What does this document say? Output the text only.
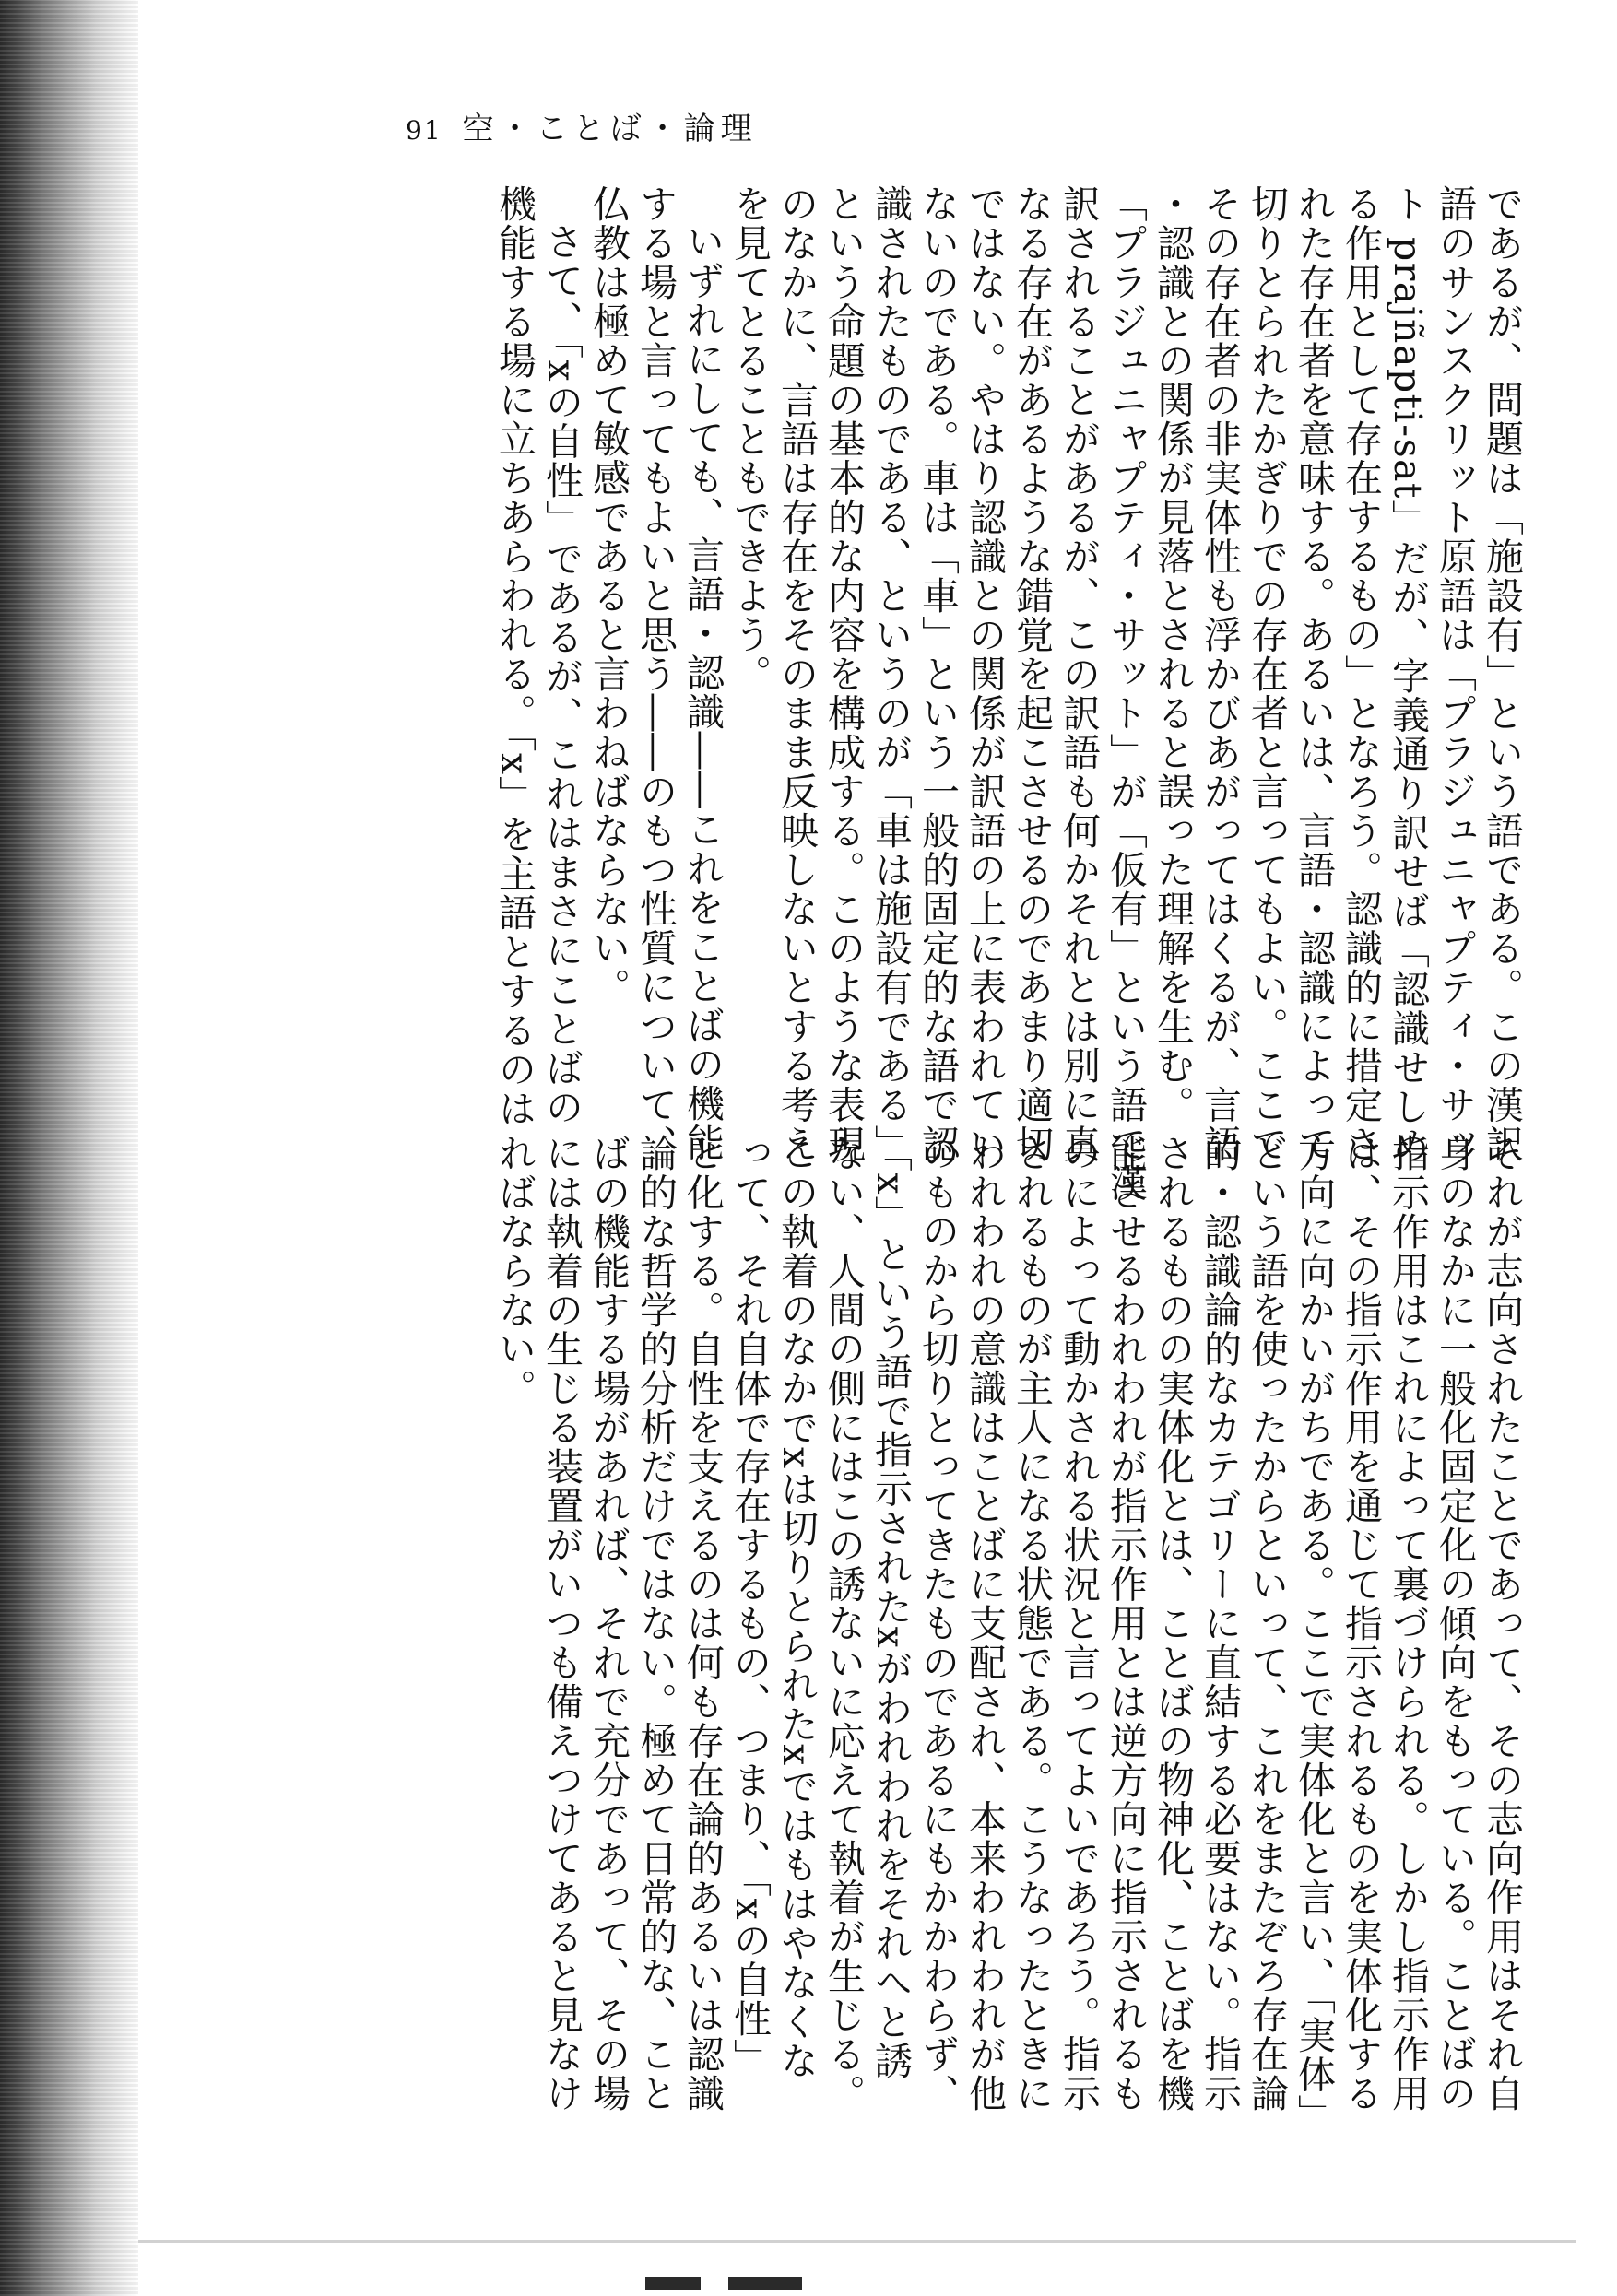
91 空・ことば・論理
であるが、問題は「施設有」という語である。この漢訳
語のサンスクリット原語は「プラジュニャプティ・サッ
ト prajñapti-sat」だが、字義通り訳せば「認識せしめ
る作用として存在するもの」となろう。認識的に措定さ
れた存在者を意味する。あるいは、言語・認識によって
切りとられたかぎりでの存在者と言ってもよい。ここで
その存在者の非実体性も浮かびあがってはくるが、言語
・認識との関係が見落とされると誤った理解を生む。
「プラジュニャプティ・サット」が「仮有」という語で漢
訳されることがあるが、この訳語も何かそれとは別に真
なる存在があるような錯覚を起こさせるのであまり適切
ではない。やはり認識との関係が訳語の上に表われてい
ないのである。車は「車」という一般的固定的な語で認
識されたものである、というのが「車は施設有である」
という命題の基本的な内容を構成する。このような表現
のなかに、言語は存在をそのまま反映しないとする考え
を見てとることもできよう。
いずれにしても、言語・認識――これをことばの機能
する場と言ってもよいと思う――のもつ性質について、
仏教は極めて敏感であると言わねばならない。
さて、「xの自性」であるが、これはまさにことばの
機能する場に立ちあらわれる。「x」を主語とするのは
それが志向されたことであって、その志向作用はそれ自
身のなかに一般化固定化の傾向をもっている。ことばの
指示作用はこれによって裏づけられる。しかし指示作用
は、その指示作用を通じて指示されるものを実体化する
方向に向かいがちである。ここで実体化と言い、「実体」
という語を使ったからといって、これをまたぞろ存在論
的・認識論的なカテゴリーに直結する必要はない。指示
されるものの実体化とは、ことばの物神化、ことばを機
能させるわれわれが指示作用とは逆方向に指示されるも
のによって動かされる状況と言ってよいであろう。指示
されるものが主人になる状態である。こうなったときに
われわれの意識はことばに支配され、本来われわれが他
のものから切りとってきたものであるにもかかわらず、
「x」という語で指示されたxがわれわれをそれへと誘
ない、人間の側にはこの誘ないに応えて執着が生じる。
この執着のなかでxは切りとられたxではもはやなくな
って、それ自体で存在するもの、つまり、「xの自性」
と化する。自性を支えるのは何も存在論的あるいは認識
論的な哲学的分析だけではない。極めて日常的な、こと
ばの機能する場があれば、それで充分であって、その場
には執着の生じる装置がいつも備えつけてあると見なけ
ればならない。
